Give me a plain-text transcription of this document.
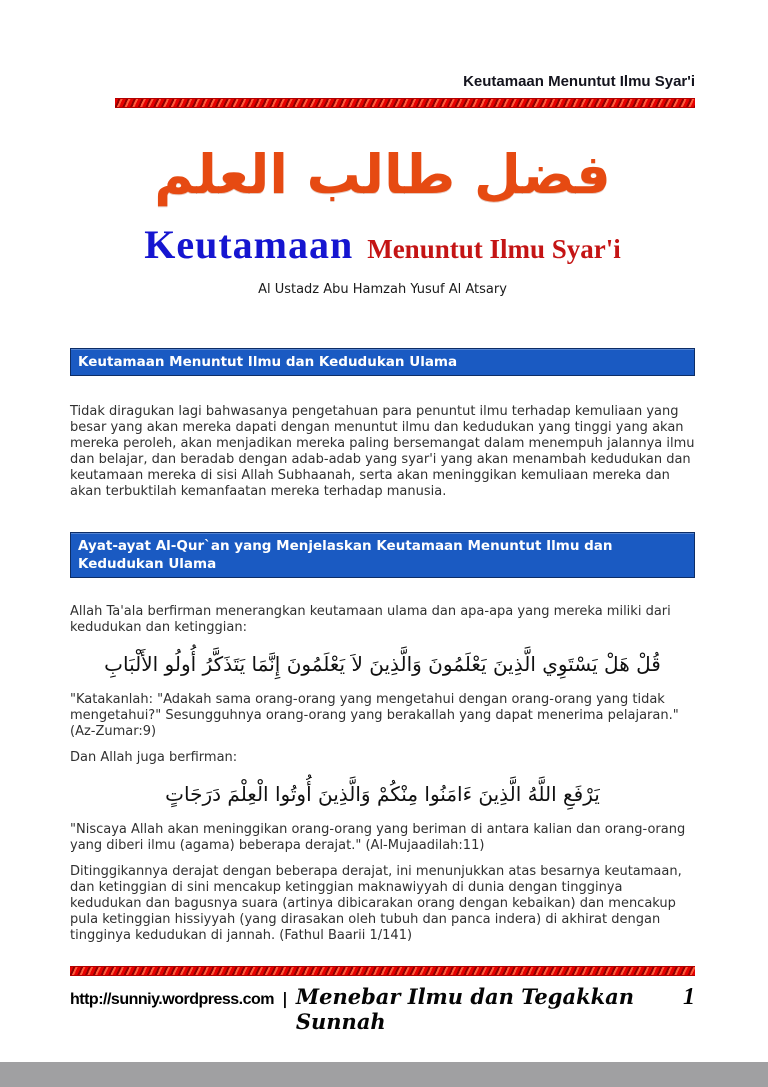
Keutamaan Menuntut Ilmu Syar'i
فضل طالب العلم
Keutamaan Menuntut Ilmu Syar'i
Al Ustadz Abu Hamzah Yusuf Al Atsary
Keutamaan Menuntut Ilmu dan Kedudukan Ulama

Tidak diragukan lagi bahwasanya pengetahuan para penuntut ilmu terhadap kemuliaan yang besar yang akan mereka dapati dengan menuntut ilmu dan kedudukan yang tinggi yang akan mereka peroleh, akan menjadikan mereka paling bersemangat dalam menempuh jalannya ilmu dan belajar, dan beradab dengan adab-adab yang syar'i yang akan menambah kedudukan dan keutamaan mereka di sisi Allah Subhaanah, serta akan meninggikan kemuliaan mereka dan akan terbuktilah kemanfaatan mereka terhadap manusia.

Ayat-ayat Al-Qur`an yang Menjelaskan Keutamaan Menuntut Ilmu dan Kedudukan Ulama

Allah Ta'ala berfirman menerangkan keutamaan ulama dan apa-apa yang mereka miliki dari kedudukan dan ketinggian:

قُلْ هَلْ يَسْتَوِي الَّذِينَ يَعْلَمُونَ وَالَّذِينَ لاَ يَعْلَمُونَ إِنَّمَا يَتَذَكَّرُ أُولُو الأَلْبَابِ

"Katakanlah: "Adakah sama orang-orang yang mengetahui dengan orang-orang yang tidak mengetahui?" Sesungguhnya orang-orang yang berakallah yang dapat menerima pelajaran." (Az-Zumar:9)

Dan Allah juga berfirman:

يَرْفَعِ اللَّهُ الَّذِينَ ءَامَنُوا مِنْكُمْ وَالَّذِينَ أُوتُوا الْعِلْمَ دَرَجَاتٍ

"Niscaya Allah akan meninggikan orang-orang yang beriman di antara kalian dan orang-orang yang diberi ilmu (agama) beberapa derajat." (Al-Mujaadilah:11)

Ditinggikannya derajat dengan beberapa derajat, ini menunjukkan atas besarnya keutamaan, dan ketinggian di sini mencakup ketinggian maknawiyyah di dunia dengan tingginya kedudukan dan bagusnya suara (artinya dibicarakan orang dengan kebaikan) dan mencakup pula ketinggian hissiyyah (yang dirasakan oleh tubuh dan panca indera) di akhirat dengan tingginya kedudukan di jannah. (Fathul Baarii 1/141)

http://sunniy.wordpress.com | Menebar Ilmu dan Tegakkan Sunnah
1
